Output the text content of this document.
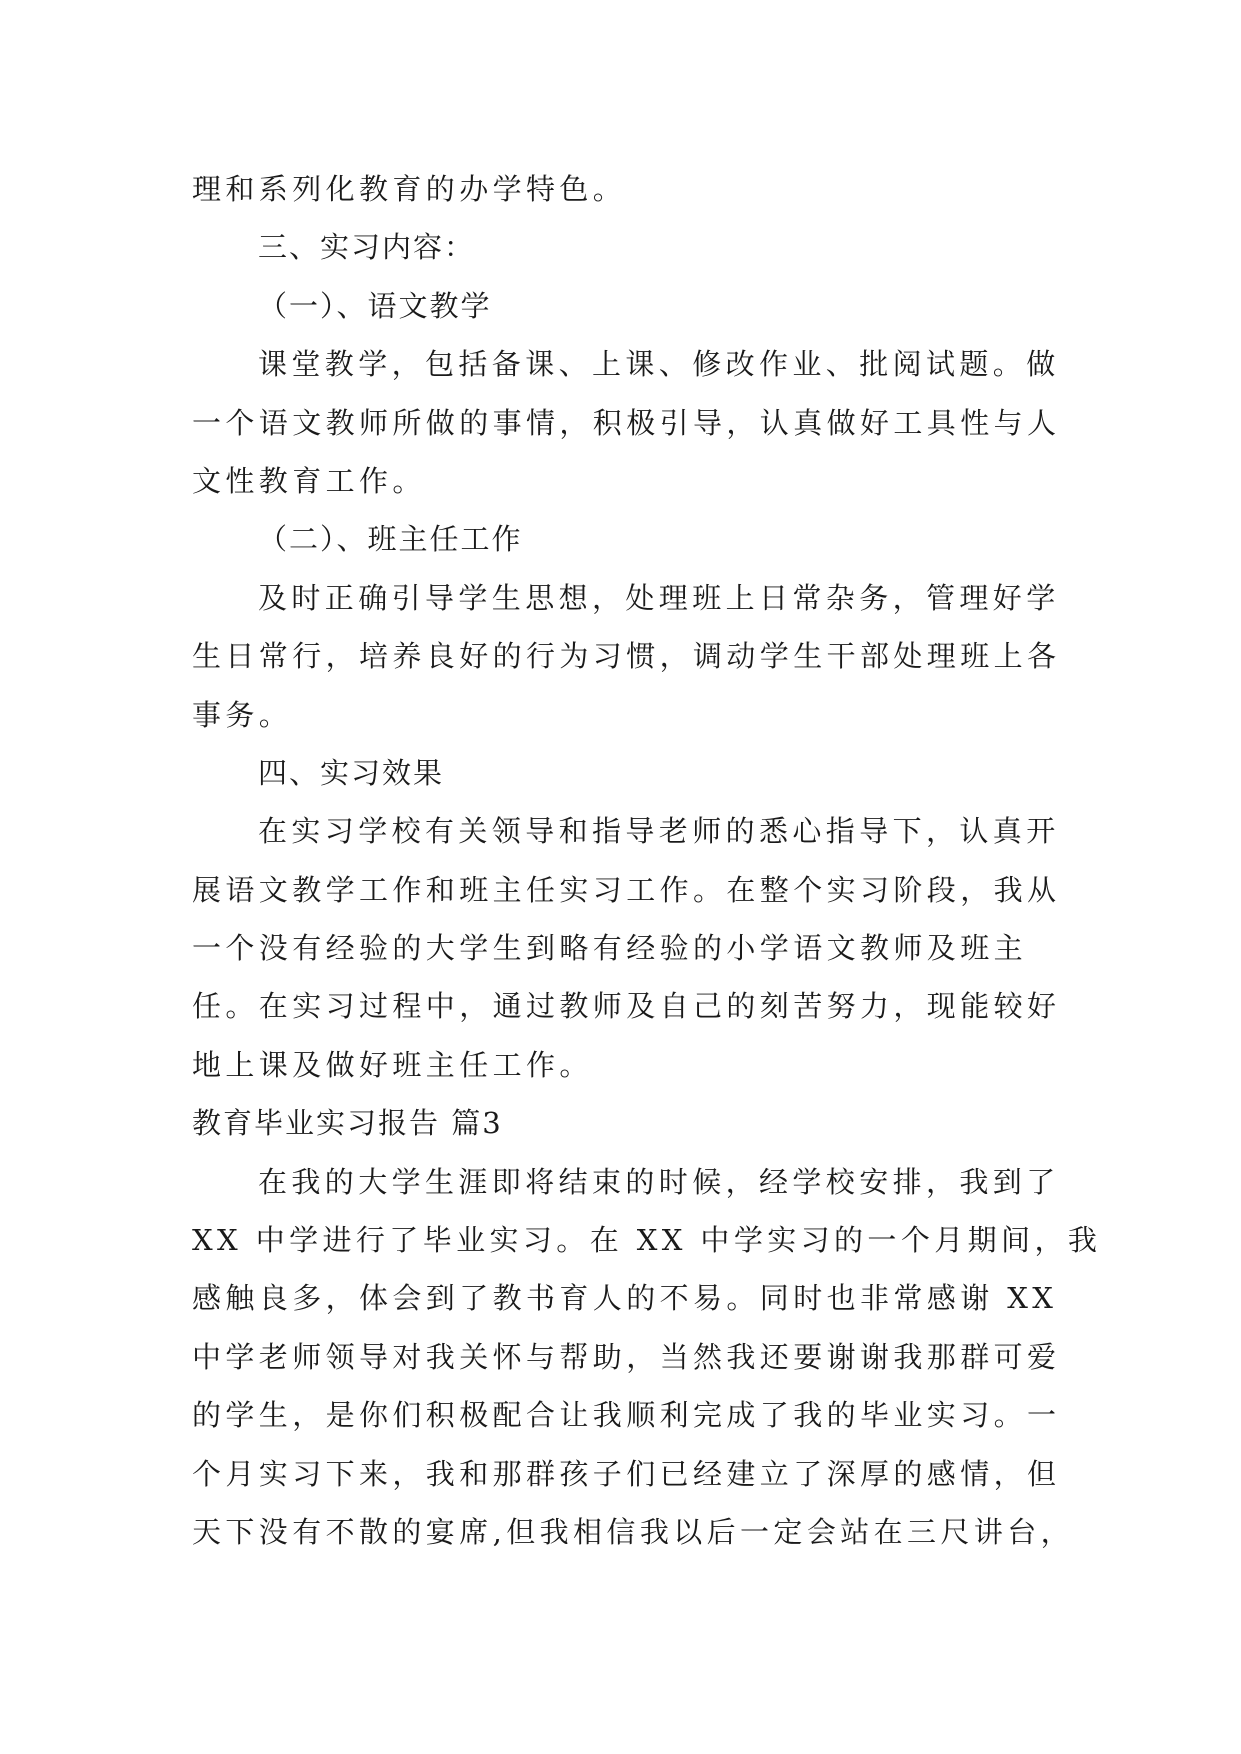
理和系列化教育的办学特色。
三、实习内容：
（一）、语文教学
课堂教学，包括备课、上课、修改作业、批阅试题。做
一个语文教师所做的事情，积极引导，认真做好工具性与人
文性教育工作。
（二）、班主任工作
及时正确引导学生思想，处理班上日常杂务，管理好学
生日常行，培养良好的行为习惯，调动学生干部处理班上各
事务。
四、实习效果
在实习学校有关领导和指导老师的悉心指导下，认真开
展语文教学工作和班主任实习工作。在整个实习阶段，我从
一个没有经验的大学生到略有经验的小学语文教师及班主
任。在实习过程中，通过教师及自己的刻苦努力，现能较好
地上课及做好班主任工作。
教育毕业实习报告 篇3
在我的大学生涯即将结束的时候，经学校安排，我到了
XX 中学进行了毕业实习。在 XX 中学实习的一个月期间，我
感触良多，体会到了教书育人的不易。同时也非常感谢 XX
中学老师领导对我关怀与帮助，当然我还要谢谢我那群可爱
的学生，是你们积极配合让我顺利完成了我的毕业实习。一
个月实习下来，我和那群孩子们已经建立了深厚的感情，但
天下没有不散的宴席,但我相信我以后一定会站在三尺讲台，
